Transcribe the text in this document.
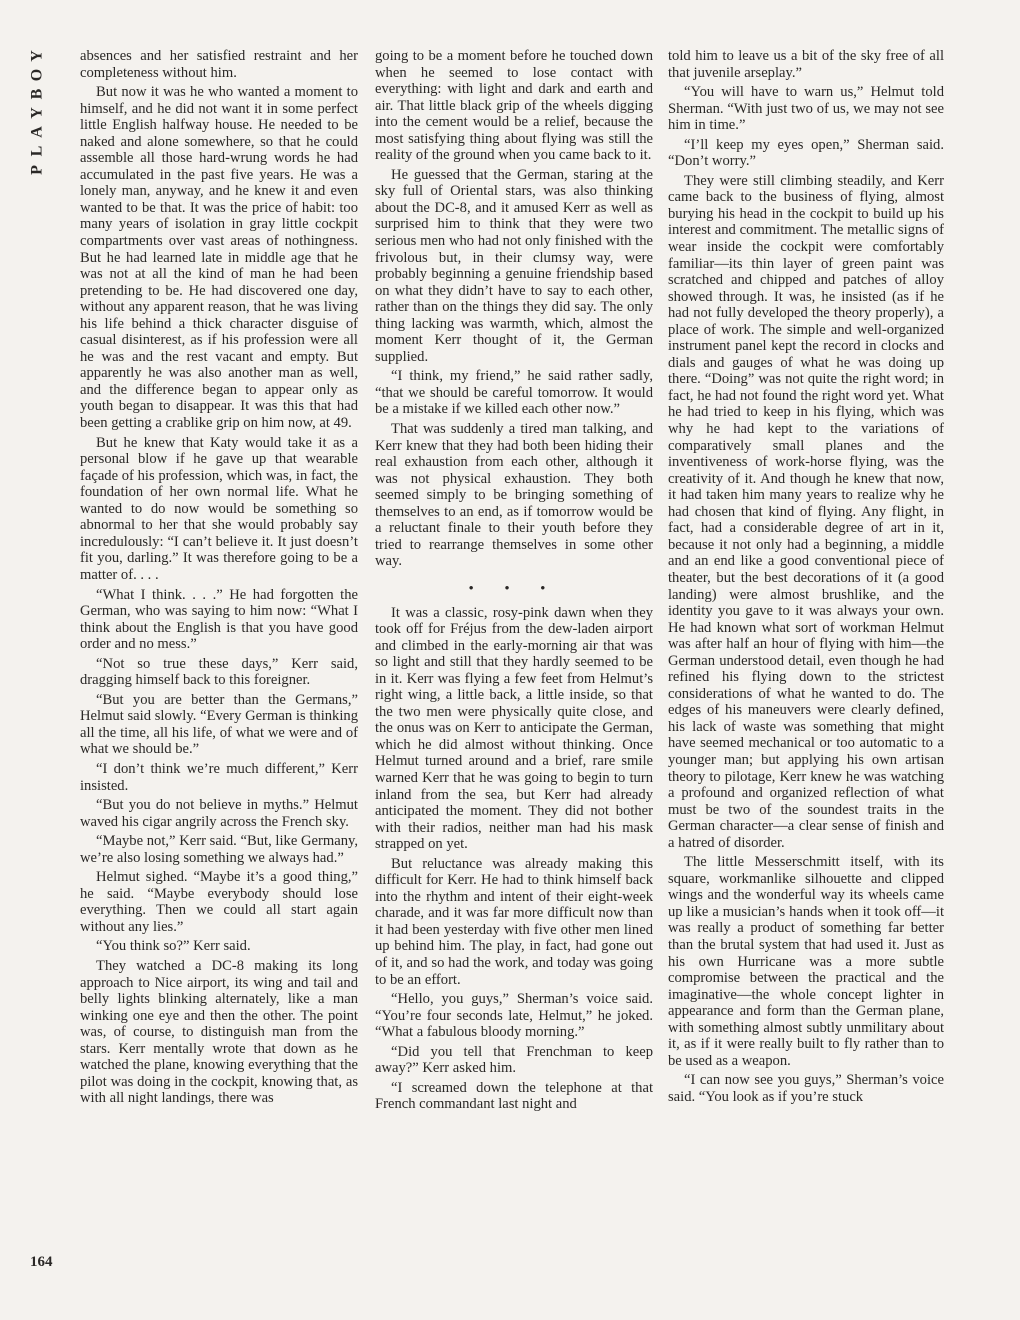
Y
O
B
Y
A
L
P
164

absences and her satisfied restraint and her completeness without him.

But now it was he who wanted a moment to himself, and he did not want it in some perfect little English halfway house. He needed to be naked and alone somewhere, so that he could assemble all those hard-wrung words he had accumulated in the past five years. He was a lonely man, anyway, and he knew it and even wanted to be that. It was the price of habit: too many years of isolation in gray little cockpit compartments over vast areas of nothingness. But he had learned late in middle age that he was not at all the kind of man he had been pretending to be. He had discovered one day, without any apparent reason, that he was living his life behind a thick character disguise of casual disinterest, as if his profession were all he was and the rest vacant and empty. But apparently he was also another man as well, and the difference began to appear only as youth began to disappear. It was this that had been getting a crablike grip on him now, at 49.

But he knew that Katy would take it as a personal blow if he gave up that wearable façade of his profession, which was, in fact, the foundation of her own normal life. What he wanted to do now would be something so abnormal to her that she would probably say incredulously: “I can’t believe it. It just doesn’t fit you, darling.” It was therefore going to be a matter of. . . .

“What I think. . . .” He had forgotten the German, who was saying to him now: “What I think about the English is that you have good order and no mess.”

“Not so true these days,” Kerr said, dragging himself back to this foreigner.

“But you are better than the Germans,” Helmut said slowly. “Every German is thinking all the time, all his life, of what we were and of what we should be.”

“I don’t think we’re much different,” Kerr insisted.

“But you do not believe in myths.” Helmut waved his cigar angrily across the French sky.

“Maybe not,” Kerr said. “But, like Germany, we’re also losing something we always had.”

Helmut sighed. “Maybe it’s a good thing,” he said. “Maybe everybody should lose everything. Then we could all start again without any lies.”

“You think so?” Kerr said.

They watched a DC-8 making its long approach to Nice airport, its wing and tail and belly lights blinking alternately, like a man winking one eye and then the other. The point was, of course, to distinguish man from the stars. Kerr mentally wrote that down as he watched the plane, knowing everything that the pilot was doing in the cockpit, knowing that, as with all night landings, there was

going to be a moment before he touched down when he seemed to lose contact with everything: with light and dark and earth and air. That little black grip of the wheels digging into the cement would be a relief, because the most satisfying thing about flying was still the reality of the ground when you came back to it.

He guessed that the German, staring at the sky full of Oriental stars, was also thinking about the DC-8, and it amused Kerr as well as surprised him to think that they were two serious men who had not only finished with the frivolous but, in their clumsy way, were probably beginning a genuine friendship based on what they didn’t have to say to each other, rather than on the things they did say. The only thing lacking was warmth, which, almost the moment Kerr thought of it, the German supplied.

“I think, my friend,” he said rather sadly, “that we should be careful tomorrow. It would be a mistake if we killed each other now.”

That was suddenly a tired man talking, and Kerr knew that they had both been hiding their real exhaustion from each other, although it was not physical exhaustion. They both seemed simply to be bringing something of themselves to an end, as if tomorrow would be a reluctant finale to their youth before they tried to rearrange themselves in some other way.

• • •

It was a classic, rosy-pink dawn when they took off for Fréjus from the dew-laden airport and climbed in the early-morning air that was so light and still that they hardly seemed to be in it. Kerr was flying a few feet from Helmut’s right wing, a little back, a little inside, so that the two men were physically quite close, and the onus was on Kerr to anticipate the German, which he did almost without thinking. Once Helmut turned around and a brief, rare smile warned Kerr that he was going to begin to turn inland from the sea, but Kerr had already anticipated the moment. They did not bother with their radios, neither man had his mask strapped on yet.

But reluctance was already making this difficult for Kerr. He had to think himself back into the rhythm and intent of their eight-week charade, and it was far more difficult now than it had been yesterday with five other men lined up behind him. The play, in fact, had gone out of it, and so had the work, and today was going to be an effort.

“Hello, you guys,” Sherman’s voice said. “You’re four seconds late, Helmut,” he joked. “What a fabulous bloody morning.”

“Did you tell that Frenchman to keep away?” Kerr asked him.

“I screamed down the telephone at that French commandant last night and

told him to leave us a bit of the sky free of all that juvenile arseplay.”

“You will have to warn us,” Helmut told Sherman. “With just two of us, we may not see him in time.”

“I’ll keep my eyes open,” Sherman said. “Don’t worry.”

They were still climbing steadily, and Kerr came back to the business of flying, almost burying his head in the cockpit to build up his interest and commitment. The metallic signs of wear inside the cockpit were comfortably familiar—its thin layer of green paint was scratched and chipped and patches of alloy showed through. It was, he insisted (as if he had not fully developed the theory properly), a place of work. The simple and well-organized instrument panel kept the record in clocks and dials and gauges of what he was doing up there. “Doing” was not quite the right word; in fact, he had not found the right word yet. What he had tried to keep in his flying, which was why he had kept to the variations of comparatively small planes and the inventiveness of work-horse flying, was the creativity of it. And though he knew that now, it had taken him many years to realize why he had chosen that kind of flying. Any flight, in fact, had a considerable degree of art in it, because it not only had a beginning, a middle and an end like a good conventional piece of theater, but the best decorations of it (a good landing) were almost brushlike, and the identity you gave to it was always your own. He had known what sort of workman Helmut was after half an hour of flying with him—the German understood detail, even though he had refined his flying down to the strictest considerations of what he wanted to do. The edges of his maneuvers were clearly defined, his lack of waste was something that might have seemed mechanical or too automatic to a younger man; but applying his own artisan theory to pilotage, Kerr knew he was watching a profound and organized reflection of what must be two of the soundest traits in the German character—a clear sense of finish and a hatred of disorder.

The little Messerschmitt itself, with its square, workmanlike silhouette and clipped wings and the wonderful way its wheels came up like a musician’s hands when it took off—it was really a product of something far better than the brutal system that had used it. Just as his own Hurricane was a more subtle compromise between the practical and the imaginative—the whole concept lighter in appearance and form than the German plane, with something almost subtly unmilitary about it, as if it were really built to fly rather than to be used as a weapon.

“I can now see you guys,” Sherman’s voice said. “You look as if you’re stuck
